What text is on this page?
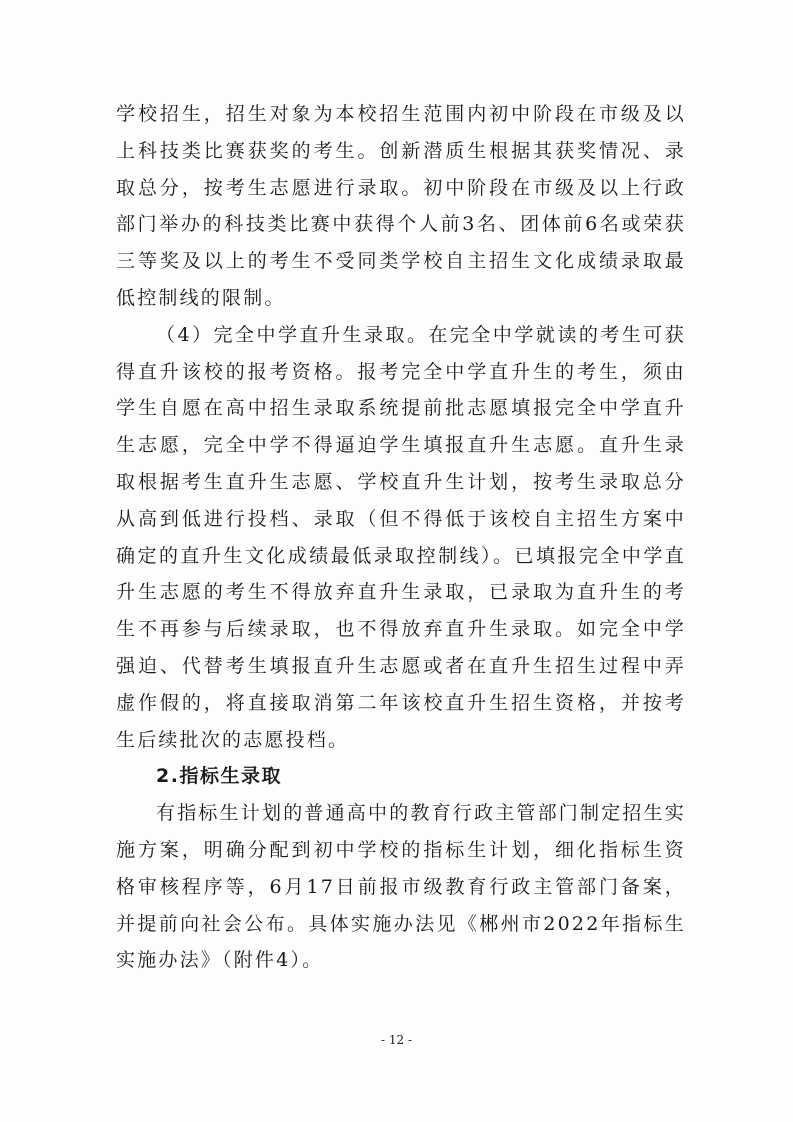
学校招生，招生对象为本校招生范围内初中阶段在市级及以上科技类比赛获奖的考生。创新潜质生根据其获奖情况、录取总分，按考生志愿进行录取。初中阶段在市级及以上行政部门举办的科技类比赛中获得个人前3名、团体前6名或荣获三等奖及以上的考生不受同类学校自主招生文化成绩录取最低控制线的限制。

（4）完全中学直升生录取。在完全中学就读的考生可获得直升该校的报考资格。报考完全中学直升生的考生，须由学生自愿在高中招生录取系统提前批志愿填报完全中学直升生志愿，完全中学不得逼迫学生填报直升生志愿。直升生录取根据考生直升生志愿、学校直升生计划，按考生录取总分从高到低进行投档、录取（但不得低于该校自主招生方案中确定的直升生文化成绩最低录取控制线）。已填报完全中学直升生志愿的考生不得放弃直升生录取，已录取为直升生的考生不再参与后续录取，也不得放弃直升生录取。如完全中学强迫、代替考生填报直升生志愿或者在直升生招生过程中弄虚作假的，将直接取消第二年该校直升生招生资格，并按考生后续批次的志愿投档。

2.指标生录取

有指标生计划的普通高中的教育行政主管部门制定招生实施方案，明确分配到初中学校的指标生计划，细化指标生资格审核程序等，6月17日前报市级教育行政主管部门备案，并提前向社会公布。具体实施办法见《郴州市2022年指标生实施办法》（附件4）。

- 12 -
